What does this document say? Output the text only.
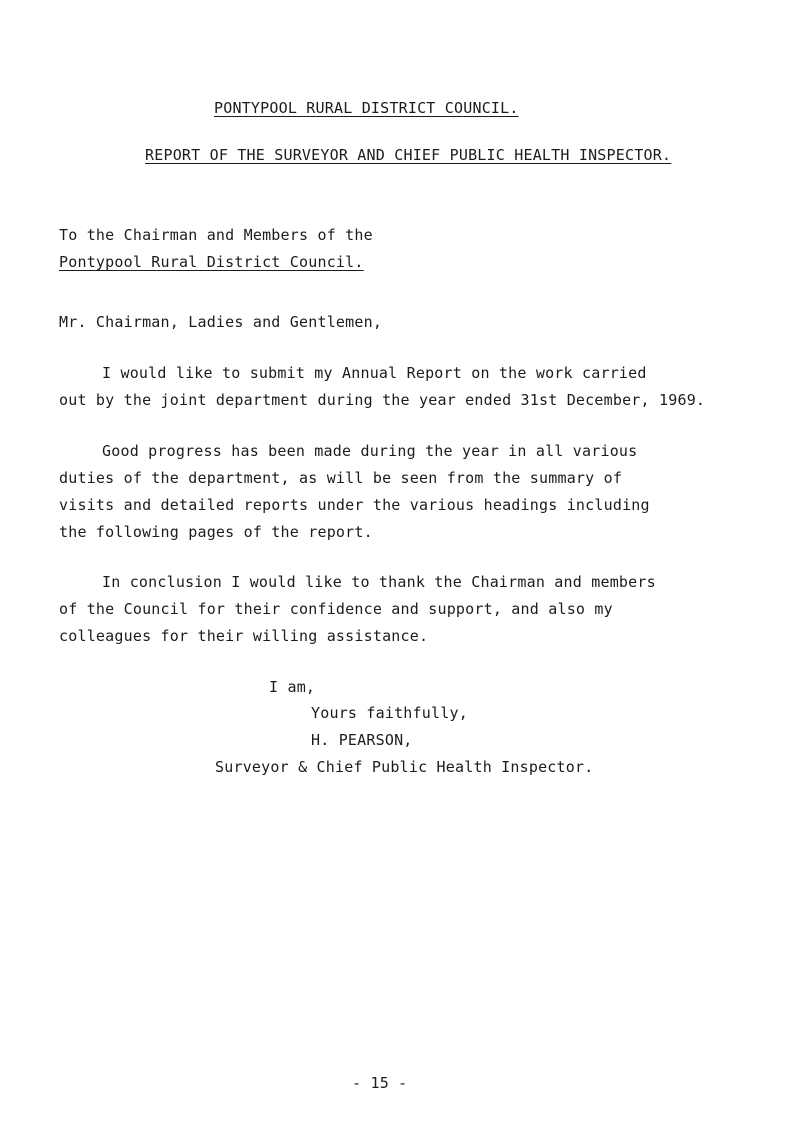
PONTYPOOL RURAL DISTRICT COUNCIL.
REPORT OF THE SURVEYOR AND CHIEF PUBLIC HEALTH INSPECTOR.
To the Chairman and Members of the
Pontypool Rural District Council.
Mr. Chairman, Ladies and Gentlemen,
I would like to submit my Annual Report on the work carried
out by the joint department during the year ended 31st December, 1969.
Good progress has been made during the year in all various
duties of the department, as will be seen from the summary of
visits and detailed reports under the various headings including
the following pages of the report.
In conclusion I would like to thank the Chairman and members
of the Council for their confidence and support, and also my
colleagues for their willing assistance.
I am,
Yours faithfully,
H. PEARSON,
Surveyor & Chief Public Health Inspector.
- 15 -
